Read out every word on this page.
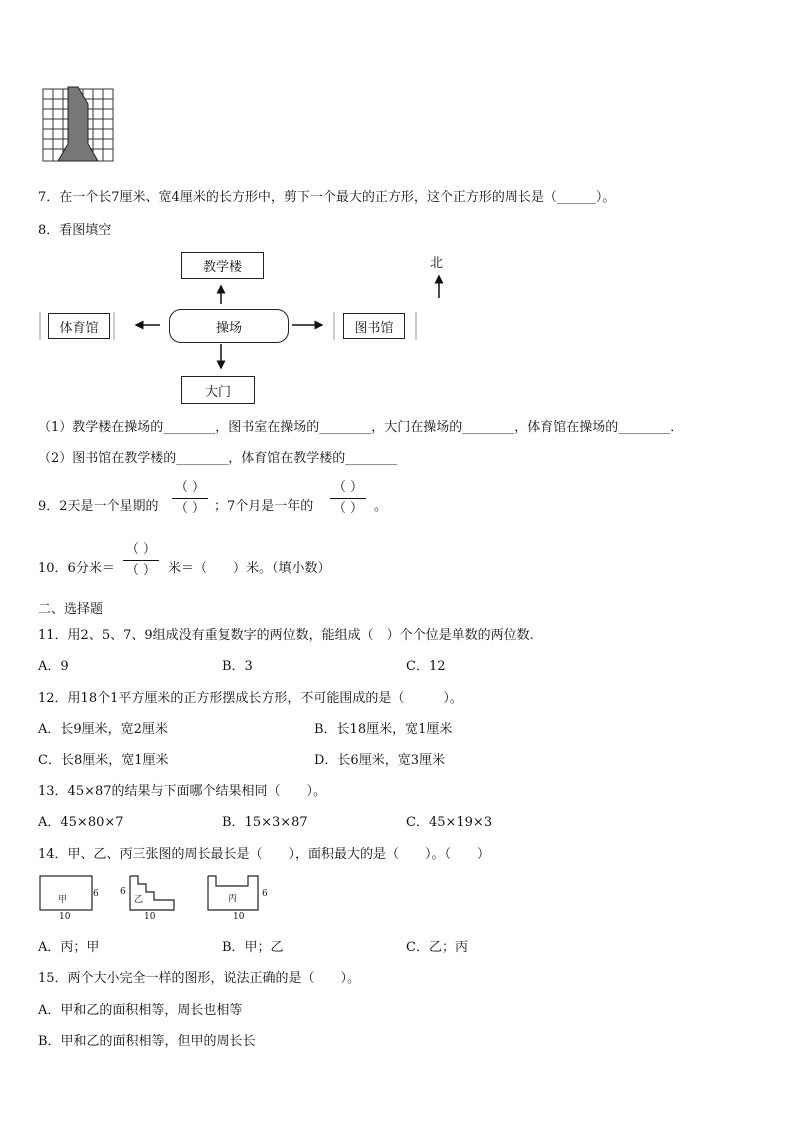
7．在一个长7厘米、宽4厘米的长方形中，剪下一个最大的正方形，这个正方形的周长是（______）。
8．看图填空
教学楼
操场
体育馆	图书馆
大门
北
（1）教学楼在操场的________，图书室在操场的________，大门在操场的________，体育馆在操场的________．
（2）图书馆在教学楼的________，体育馆在教学楼的________
9．2天是一个星期的
（ ）
（ ） ；7个月是一年的
（ ）
（ ） 。
10．6分米＝
（ ）
（ ） 米＝（　　）米。（填小数）
二、选择题
11．用2、5、7、9组成没有重复数字的两位数，能组成（　）个个位是单数的两位数.
A．9	B．3	C．12
12．用18个1平方厘米的正方形摆成长方形，不可能围成的是（　　　）。
A．长9厘米，宽2厘米	B．长18厘米，宽1厘米
C．长8厘米，宽1厘米	D．长6厘米，宽3厘米
13．45×87的结果与下面哪个结果相同（　　）。
A．45×80×7	B．15×3×87	C．45×19×3
14．甲、乙、丙三张图的周长最长是（　　），面积最大的是（　　）。（　　）
甲
6
10
乙
6
10
丙	6
10
A．丙；甲	B．甲；乙	C．乙；丙
15．两个大小完全一样的图形，说法正确的是（　　）。
A．甲和乙的面积相等，周长也相等
B．甲和乙的面积相等，但甲的周长长
